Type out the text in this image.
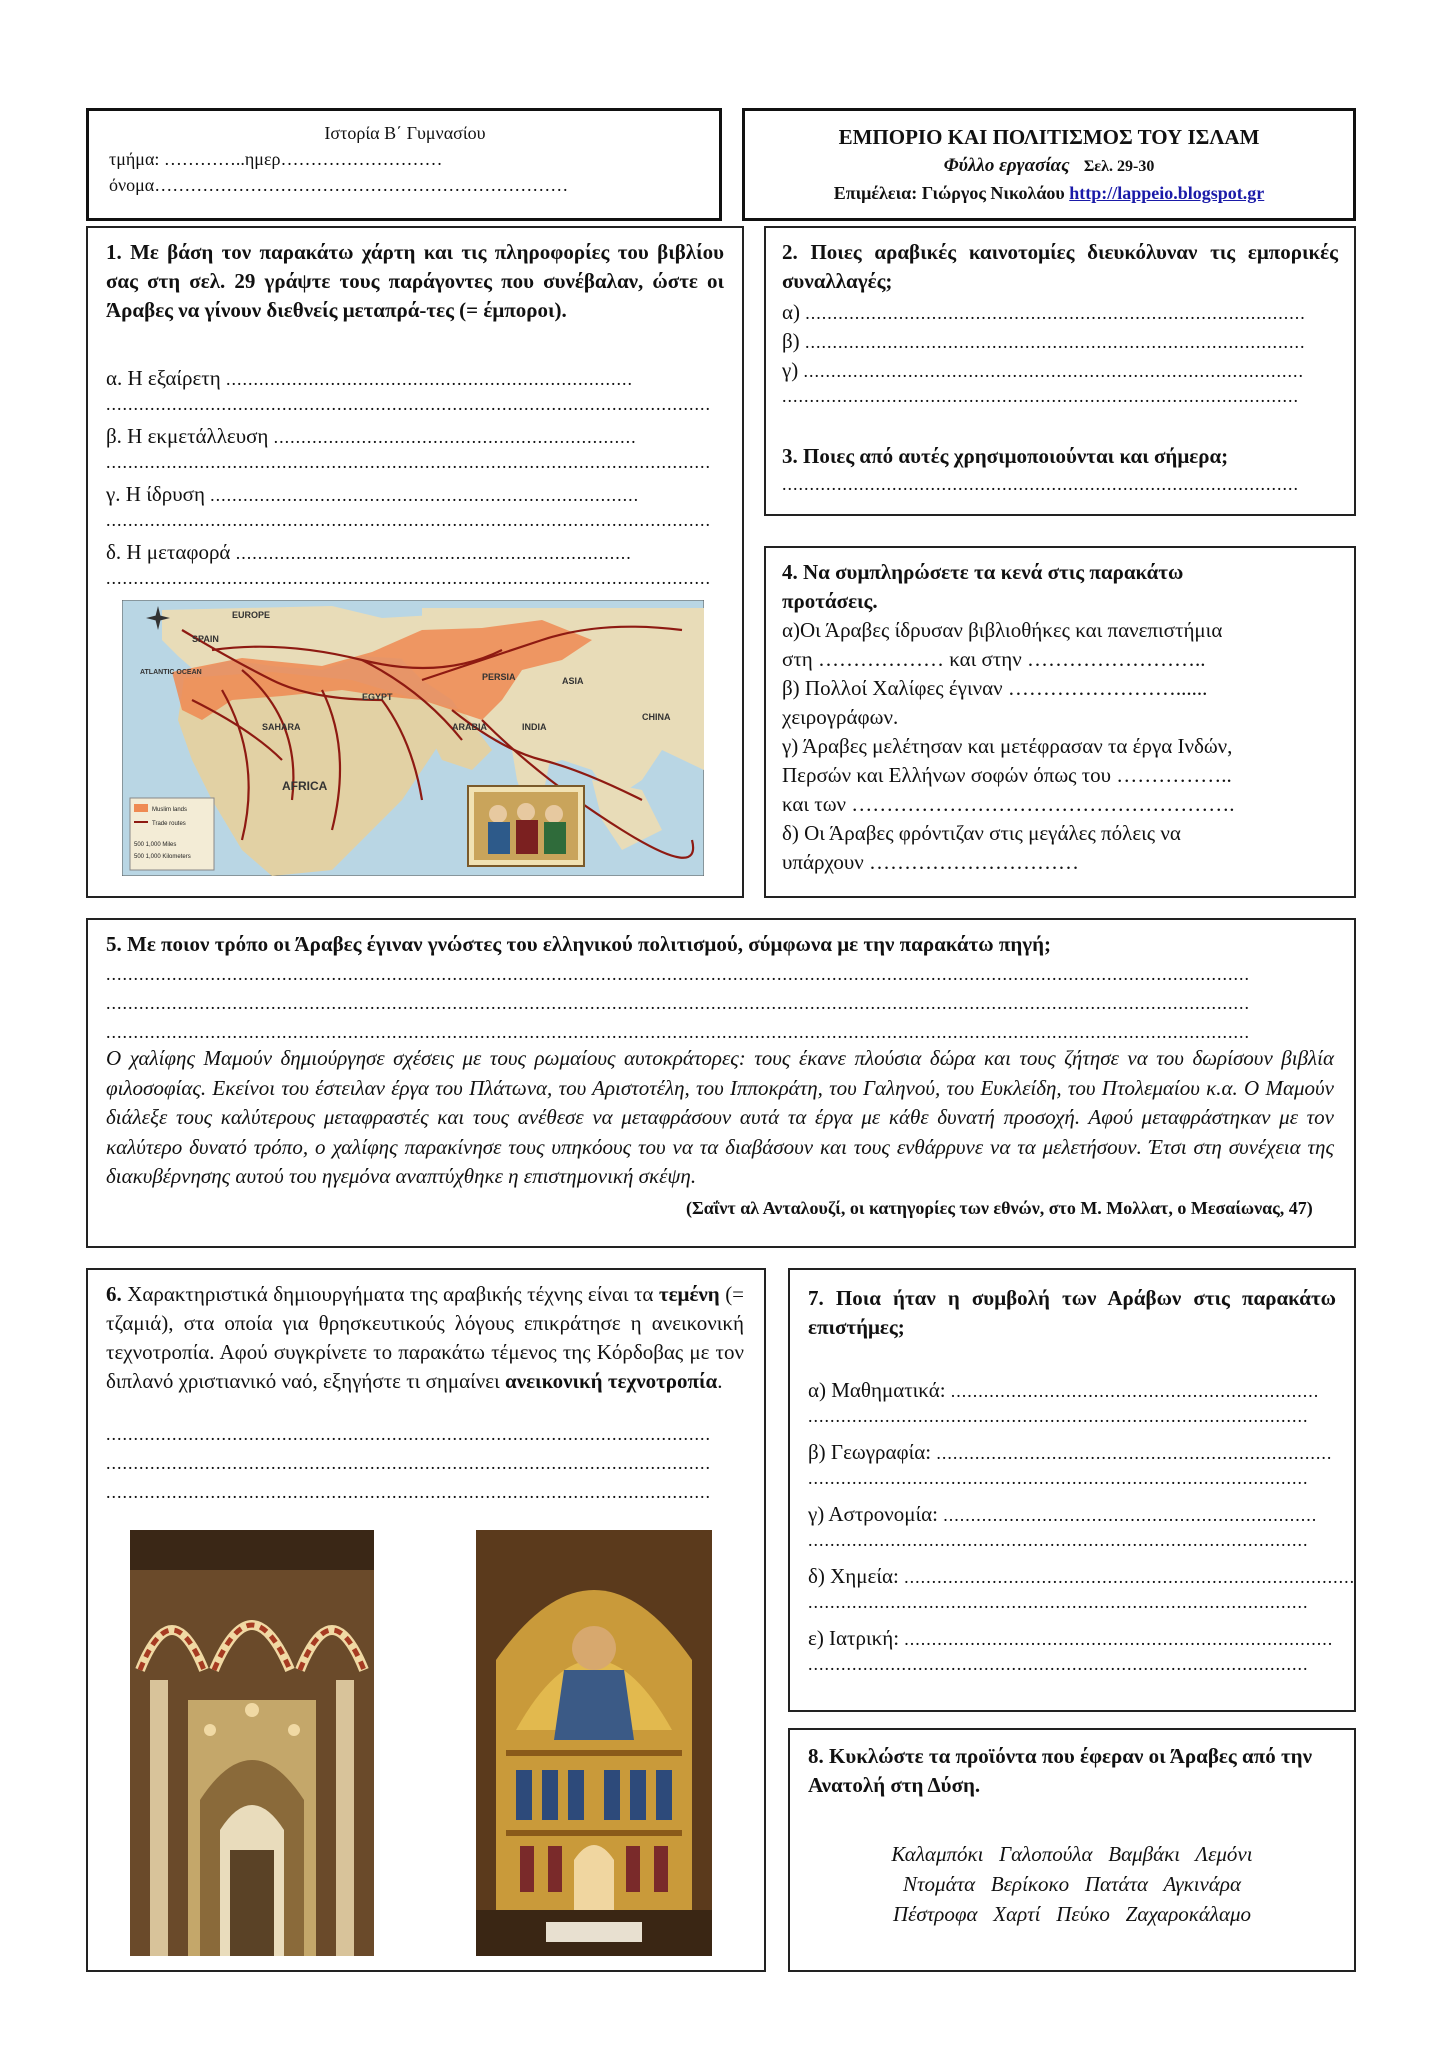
Ιστορία Β΄ Γυμνασίου
τμήμα: …………..ημερ………………………
όνομα……………………………………………………………
ΕΜΠΟΡΙΟ ΚΑΙ ΠΟΛΙΤΙΣΜΟΣ ΤΟΥ ΙΣΛΑΜ
Φύλλο εργασίας Σελ. 29-30
Επιμέλεια: Γιώργος Νικολάου http://lappeio.blogspot.gr
1. Με βάση τον παρακάτω χάρτη και τις πληροφορίες του βιβλίου σας στη σελ. 29 γράψτε τους παράγοντες που συνέβαλαν, ώστε οι Άραβες να γίνουν διεθνείς μεταπρά-τες (= έμποροι).
α. Η εξαίρετη ..........................................................................
..............................................................................................................
β. Η εκμετάλλευση ..................................................................
..............................................................................................................
γ. Η ίδρυση ..............................................................................
..............................................................................................................
δ. Η μεταφορά ........................................................................
..............................................................................................................
EUROPE
SPAIN
ATLANTIC OCEAN
ASIA
CHINA
INDIA
ARABIA
EGYPT
AFRICA
SAHARA
PERSIA
Muslim lands
Trade routes
500 1,000 Miles
500 1,000 Kilometers
2. Ποιες αραβικές καινοτομίες διευκόλυναν τις εμπορικές συναλλαγές;
α) ...........................................................................................
β) ...........................................................................................
γ) ...........................................................................................
..............................................................................................
3. Ποιες από αυτές χρησιμοποιούνται και σήμερα;
..............................................................................................
4. Να συμπληρώσετε τα κενά στις παρακάτω προτάσεις.
α)Οι Άραβες ίδρυσαν βιβλιοθήκες και πανεπιστήμια
στη ……………… και στην ……………………..
β) Πολλοί Χαλίφες έγιναν ……………………......
χειρογράφων.
γ) Άραβες μελέτησαν και μετέφρασαν τα έργα Ινδών,
Περσών και Ελλήνων σοφών όπως του ……………..
και των ……………………………………………….
δ) Οι Άραβες φρόντιζαν στις μεγάλες πόλεις να
υπάρχουν …………………………
5. Με ποιον τρόπο οι Άραβες έγιναν γνώστες του ελληνικού πολιτισμού, σύμφωνα με την παρακάτω πηγή;
................................................................................................................................................................................................................
................................................................................................................................................................................................................
................................................................................................................................................................................................................
Ο χαλίφης Μαμούν δημιούργησε σχέσεις με τους ρωμαίους αυτοκράτορες: τους έκανε πλούσια δώρα και τους ζήτησε να του δωρίσουν βιβλία φιλοσοφίας. Εκείνοι του έστειλαν έργα του Πλάτωνα, του Αριστοτέλη, του Ιπποκράτη, του Γαληνού, του Ευκλείδη, του Πτολεμαίου κ.α. Ο Μαμούν διάλεξε τους καλύτερους μεταφραστές και τους ανέθεσε να μεταφράσουν αυτά τα έργα με κάθε δυνατή προσοχή. Αφού μεταφράστηκαν με τον καλύτερο δυνατό τρόπο, ο χαλίφης παρακίνησε τους υπηκόους του να τα διαβάσουν και τους ενθάρρυνε να τα μελετήσουν. Έτσι στη συνέχεια της διακυβέρνησης αυτού του ηγεμόνα αναπτύχθηκε η επιστημονική σκέψη.
(Σαΐντ αλ Ανταλουζί, οι κατηγορίες των εθνών, στο Μ. Μολλατ, ο Μεσαίωνας, 47)
6. Χαρακτηριστικά δημιουργήματα της αραβικής τέχνης είναι τα τεμένη (= τζαμιά), στα οποία για θρησκευτικούς λόγους επικράτησε η ανεικονική τεχνοτροπία. Αφού συγκρίνετε το παρακάτω τέμενος της Κόρδοβας με τον διπλανό χριστιανικό ναό, εξηγήστε τι σημαίνει ανεικονική τεχνοτροπία.
..............................................................................................................
..............................................................................................................
..............................................................................................................
7. Ποια ήταν η συμβολή των Αράβων στις παρακάτω επιστήμες;
α) Μαθηματικά: ...................................................................
...........................................................................................
β) Γεωγραφία: ........................................................................
...........................................................................................
γ) Αστρονομία: ....................................................................
...........................................................................................
δ) Χημεία: ..................................................................................
...........................................................................................
ε) Ιατρική: ..............................................................................
...........................................................................................
8. Κυκλώστε τα προϊόντα που έφεραν οι Άραβες από την Ανατολή στη Δύση.
Καλαμπόκι   Γαλοπούλα   Βαμβάκι   Λεμόνι
Ντομάτα   Βερίκοκο   Πατάτα   Αγκινάρα
Πέστροφα   Χαρτί   Πεύκο   Ζαχαροκάλαμο
